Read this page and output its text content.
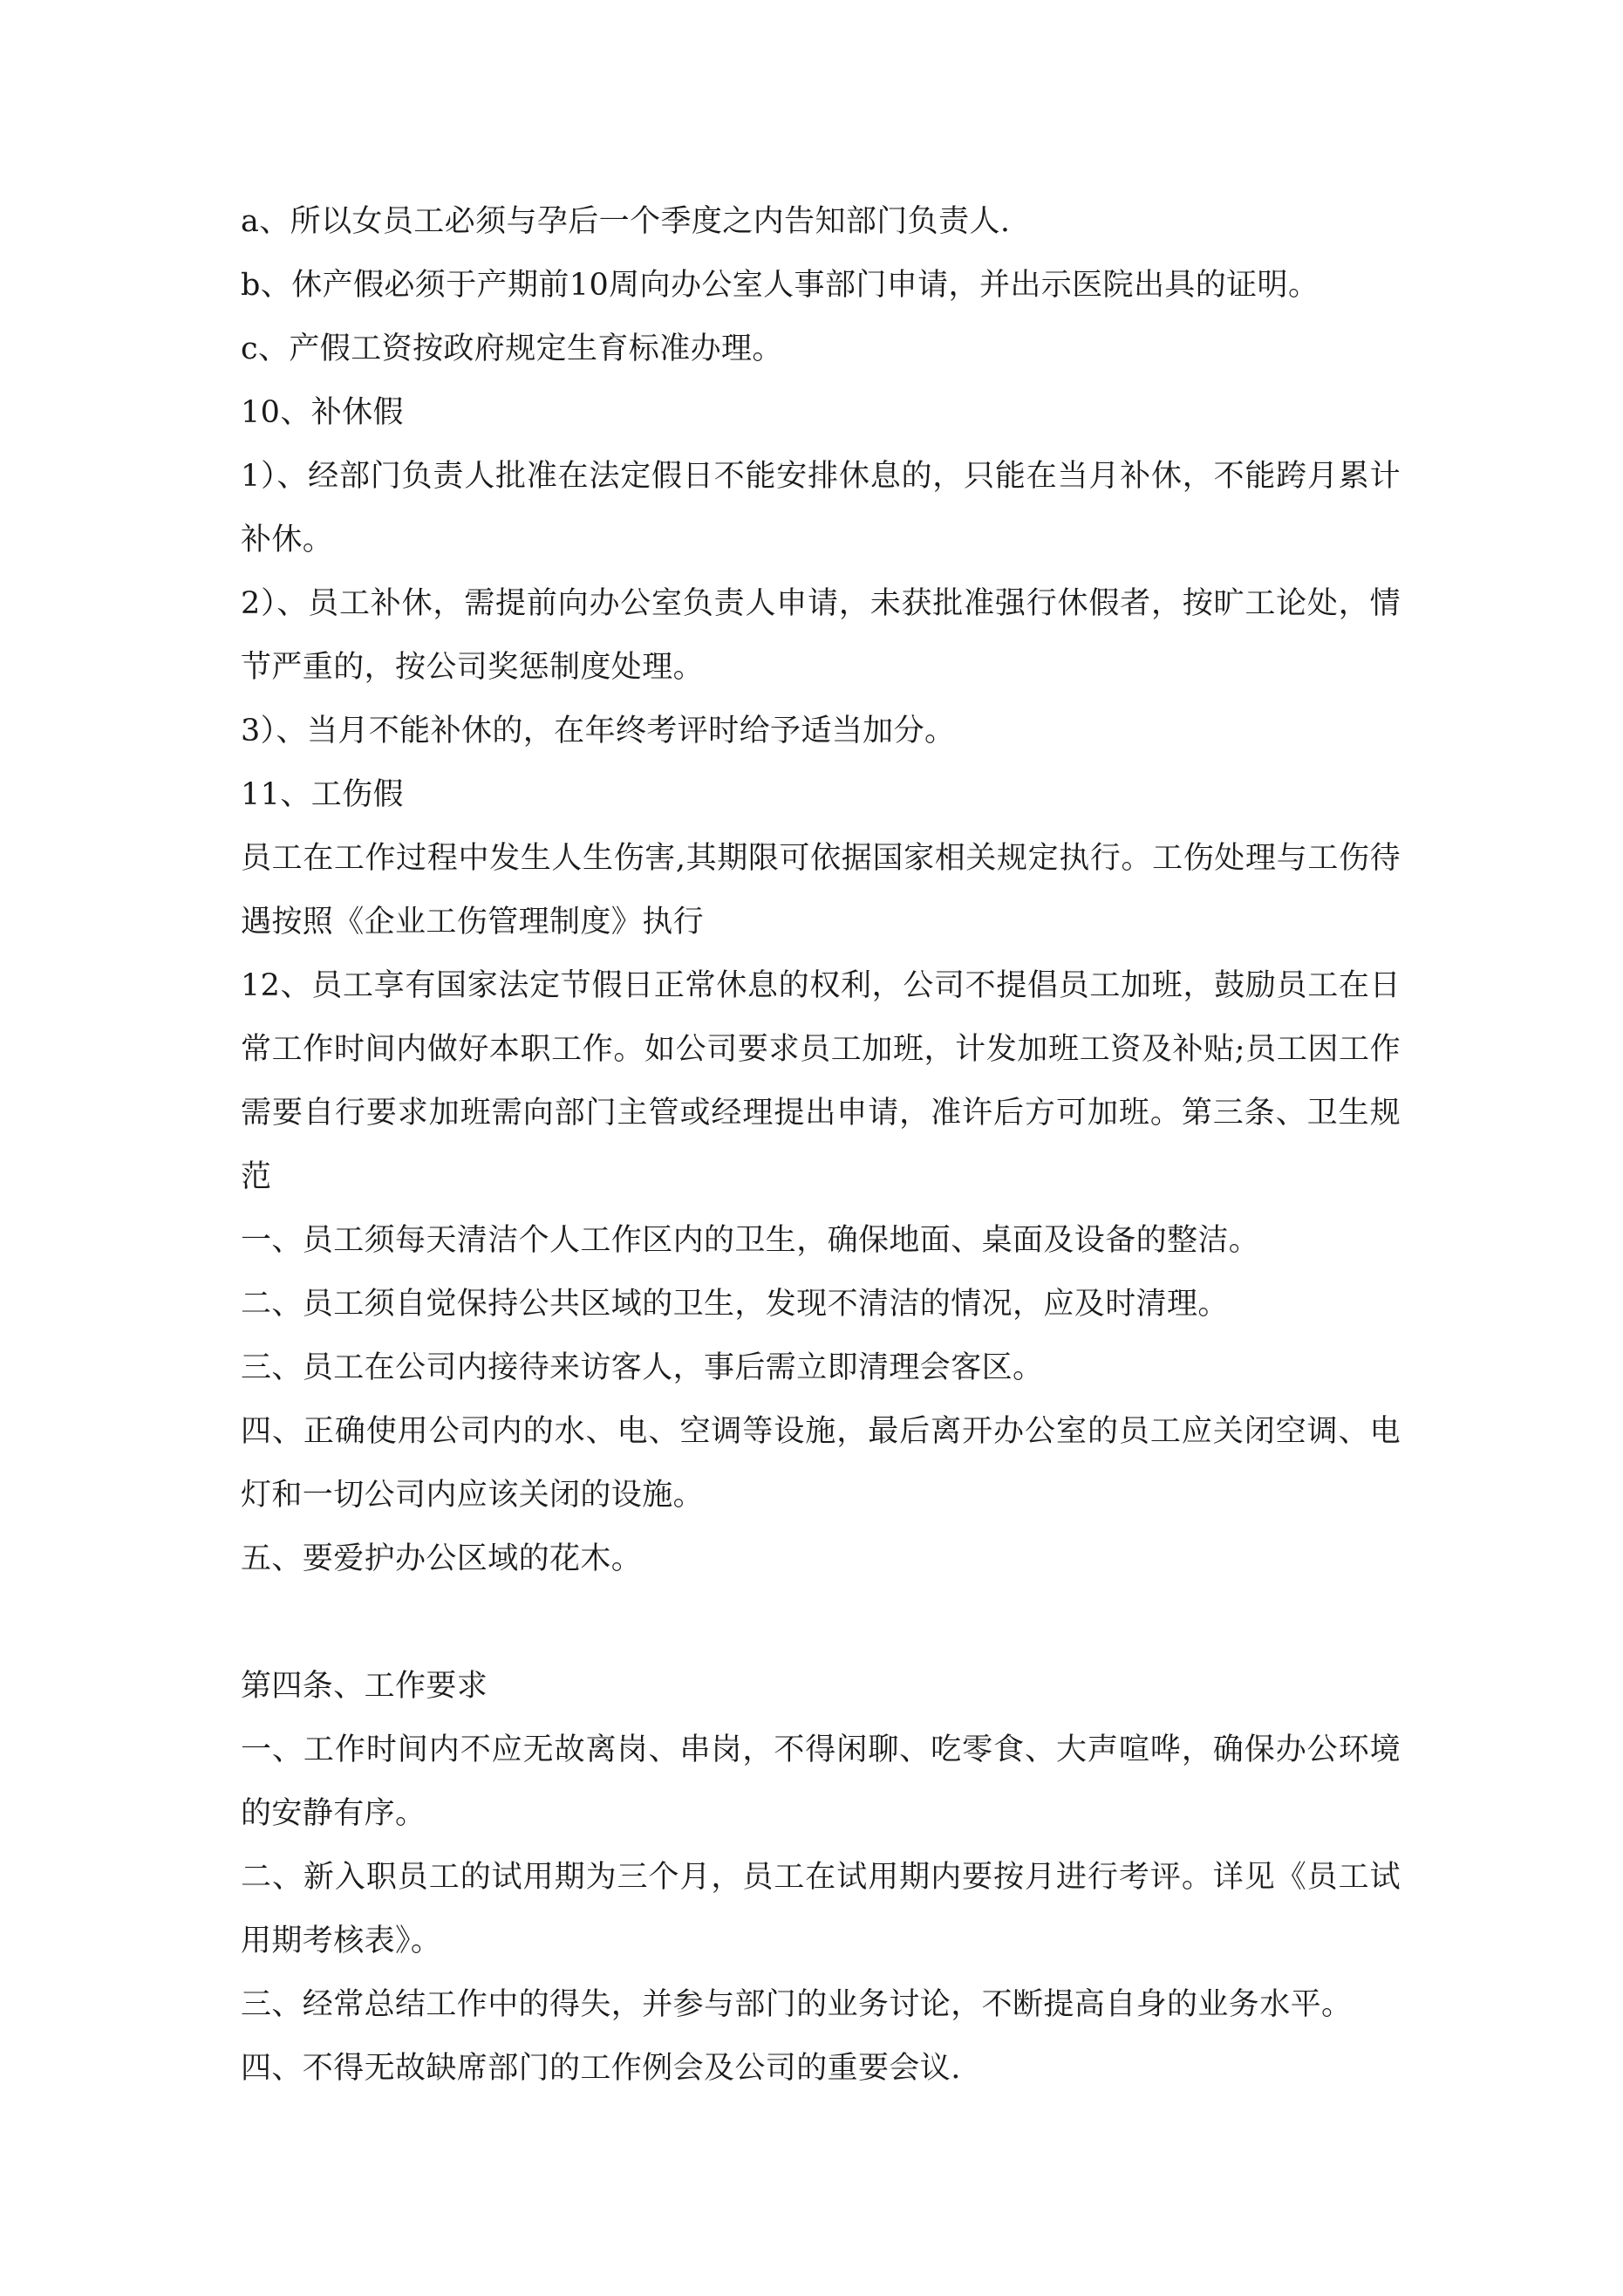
a、所以女员工必须与孕后一个季度之内告知部门负责人.

b、休产假必须于产期前10周向办公室人事部门申请，并出示医院出具的证明。

c、产假工资按政府规定生育标准办理。

10、补休假

1）、经部门负责人批准在法定假日不能安排休息的，只能在当月补休，不能跨月累计补休。

2）、员工补休，需提前向办公室负责人申请，未获批准强行休假者，按旷工论处，情节严重的，按公司奖惩制度处理。

3）、当月不能补休的，在年终考评时给予适当加分。

11、工伤假

员工在工作过程中发生人生伤害,其期限可依据国家相关规定执行。工伤处理与工伤待遇按照《企业工伤管理制度》执行

12、员工享有国家法定节假日正常休息的权利，公司不提倡员工加班，鼓励员工在日常工作时间内做好本职工作。如公司要求员工加班，计发加班工资及补贴;员工因工作需要自行要求加班需向部门主管或经理提出申请，准许后方可加班。第三条、卫生规范

一、员工须每天清洁个人工作区内的卫生，确保地面、桌面及设备的整洁。

二、员工须自觉保持公共区域的卫生，发现不清洁的情况，应及时清理。

三、员工在公司内接待来访客人，事后需立即清理会客区。

四、正确使用公司内的水、电、空调等设施，最后离开办公室的员工应关闭空调、电灯和一切公司内应该关闭的设施。

五、要爱护办公区域的花木。

第四条、工作要求

一、工作时间内不应无故离岗、串岗，不得闲聊、吃零食、大声喧哗，确保办公环境的安静有序。

二、新入职员工的试用期为三个月，员工在试用期内要按月进行考评。详见《员工试用期考核表》。

三、经常总结工作中的得失，并参与部门的业务讨论，不断提高自身的业务水平。

四、不得无故缺席部门的工作例会及公司的重要会议.
